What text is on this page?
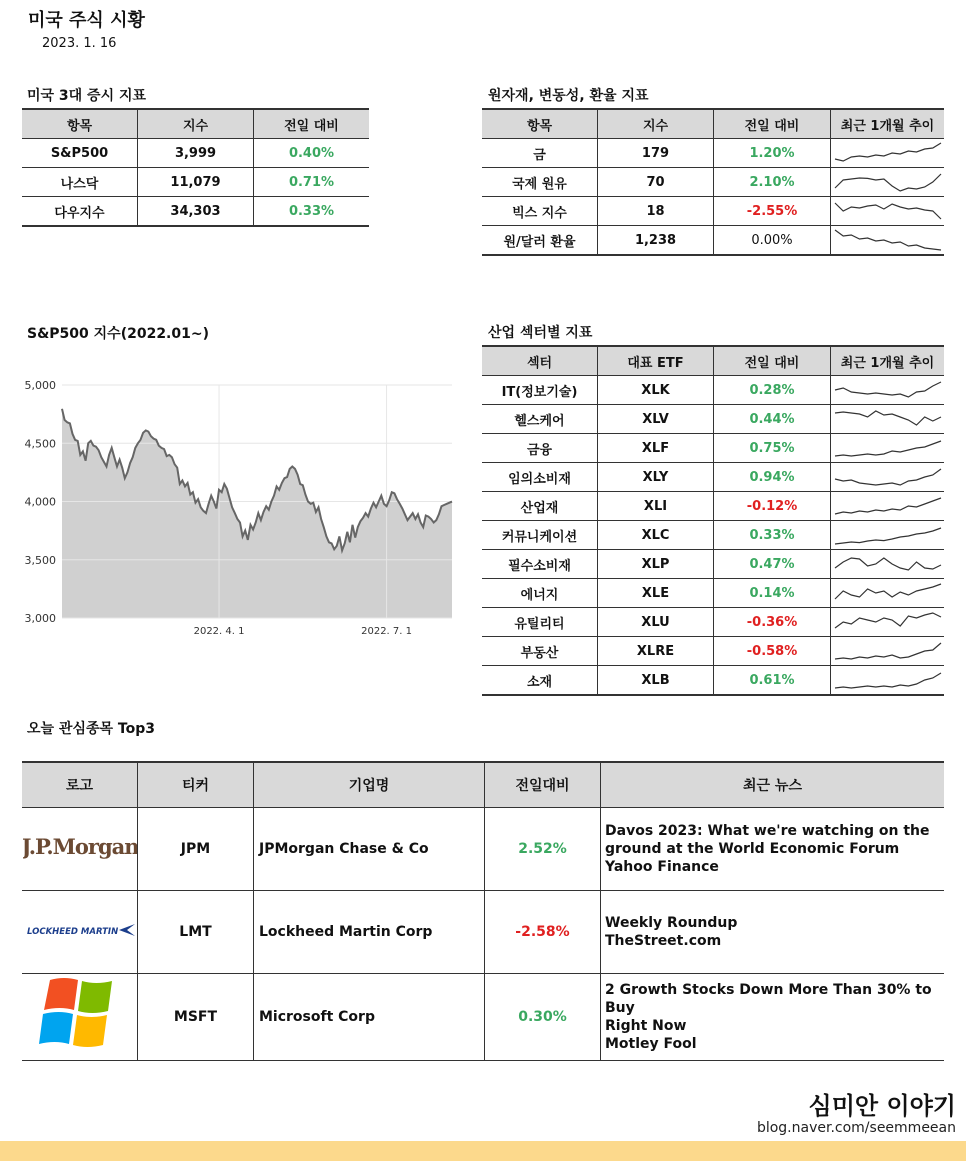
미국 주식 시황
2023. 1. 16
미국 3대 증시 지표
항목	지수	전일 대비
S&P500	3,999	0.40%
나스닥	11,079	0.71%
다우지수	34,303	0.33%
원자재, 변동성, 환율 지표
항목	지수	전일 대비	최근 1개월 추이
금	179	1.20%	

국제 원유	70	2.10%	

빅스 지수	18	-2.55%	

원/달러 환율	1,238	0.00%	
S&P500 지수(2022.01~)
3,000
3,500
4,000
4,500
5,000
2022. 4. 1	2022. 7. 1
산업 섹터별 지표
섹터	대표 ETF	전일 대비	최근 1개월 추이
IT(정보기술)	XLK	0.28%	

헬스케어	XLV	0.44%	

금융	XLF	0.75%	

임의소비재	XLY	0.94%	

산업재	XLI	-0.12%	

커뮤니케이션	XLC	0.33%	

필수소비재	XLP	0.47%	

에너지	XLE	0.14%	

유틸리티	XLU	-0.36%	

부동산	XLRE	-0.58%	

소재	XLB	0.61%	
오늘 관심종목 Top3
로고	티커	기업명	전일대비	최근 뉴스

J.P.Morgan	JPM	JPMorgan Chase & Co	2.52%	Davos 2023: What we're watching on the
ground at the World Economic Forum
Yahoo Finance

LOCKHEED MARTIN	LMT	Lockheed Martin Corp	-2.58%	Weekly Roundup
TheStreet.com

	MSFT	Microsoft Corp	0.30%	2 Growth Stocks Down More Than 30% to Buy
Right Now
Motley Fool
심미안 이야기
blog.naver.com/seemmeean
